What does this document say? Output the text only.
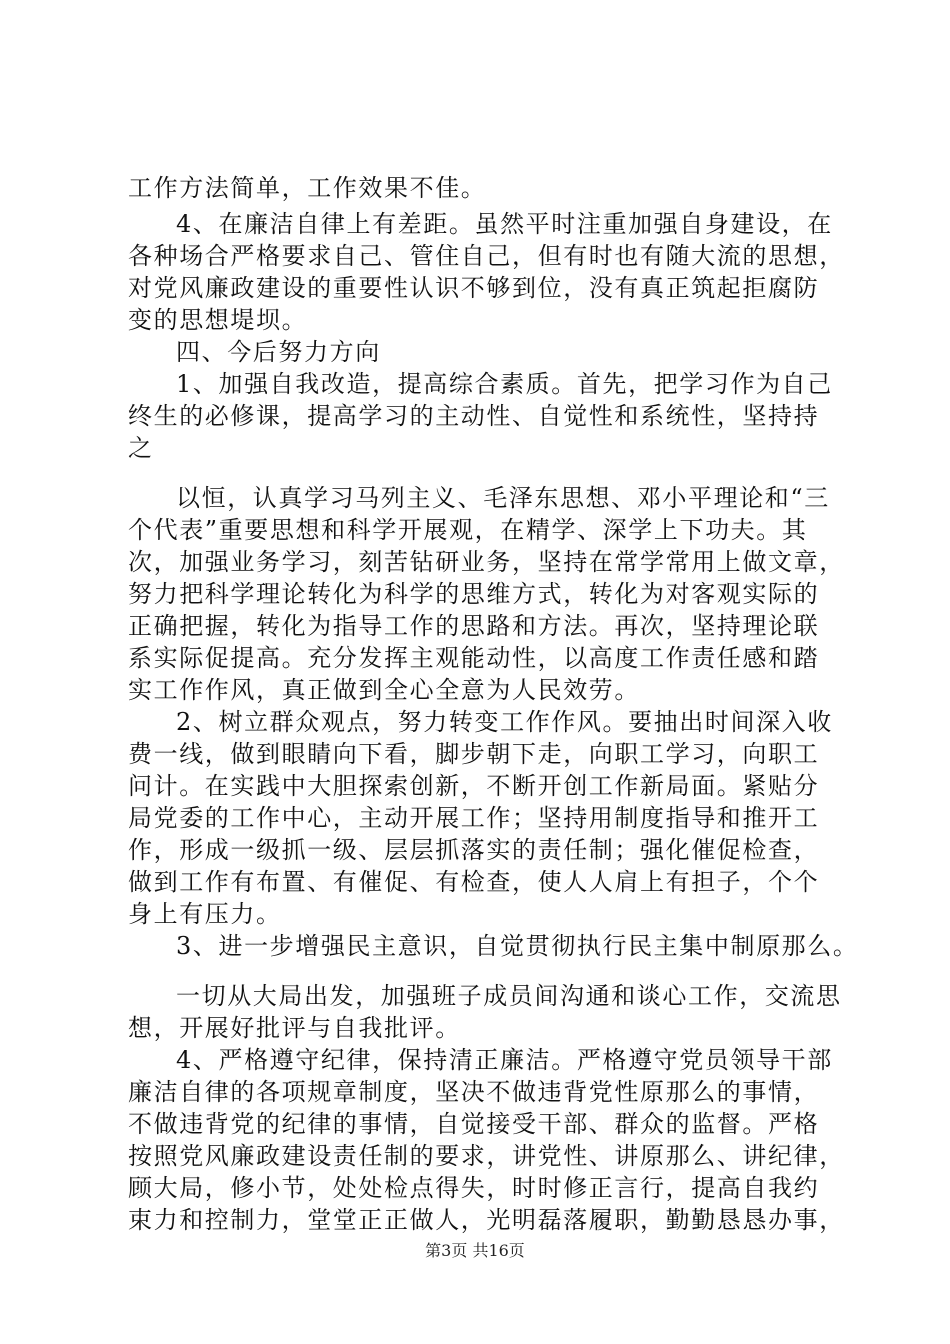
工作方法简单，工作效果不佳。
4、在廉洁自律上有差距。虽然平时注重加强自身建设，在
各种场合严格要求自己、管住自己，但有时也有随大流的思想，
对党风廉政建设的重要性认识不够到位，没有真正筑起拒腐防
变的思想堤坝。
四、今后努力方向
1、加强自我改造，提高综合素质。首先，把学习作为自己
终生的必修课，提高学习的主动性、自觉性和系统性，坚持持
之
以恒，认真学习马列主义、毛泽东思想、邓小平理论和“三
个代表”重要思想和科学开展观，在精学、深学上下功夫。其
次，加强业务学习，刻苦钻研业务，坚持在常学常用上做文章，
努力把科学理论转化为科学的思维方式，转化为对客观实际的
正确把握，转化为指导工作的思路和方法。再次，坚持理论联
系实际促提高。充分发挥主观能动性，以高度工作责任感和踏
实工作作风，真正做到全心全意为人民效劳。
2、树立群众观点，努力转变工作作风。要抽出时间深入收
费一线，做到眼睛向下看，脚步朝下走，向职工学习，向职工
问计。在实践中大胆探索创新，不断开创工作新局面。紧贴分
局党委的工作中心，主动开展工作；坚持用制度指导和推开工
作，形成一级抓一级、层层抓落实的责任制；强化催促检查，
做到工作有布置、有催促、有检查，使人人肩上有担子，个个
身上有压力。
3、进一步增强民主意识，自觉贯彻执行民主集中制原那么。
一切从大局出发，加强班子成员间沟通和谈心工作，交流思
想，开展好批评与自我批评。
4、严格遵守纪律，保持清正廉洁。严格遵守党员领导干部
廉洁自律的各项规章制度，坚决不做违背党性原那么的事情，
不做违背党的纪律的事情，自觉接受干部、群众的监督。严格
按照党风廉政建设责任制的要求，讲党性、讲原那么、讲纪律，
顾大局，修小节，处处检点得失，时时修正言行，提高自我约
束力和控制力，堂堂正正做人，光明磊落履职，勤勤恳恳办事，
第3页 共16页
